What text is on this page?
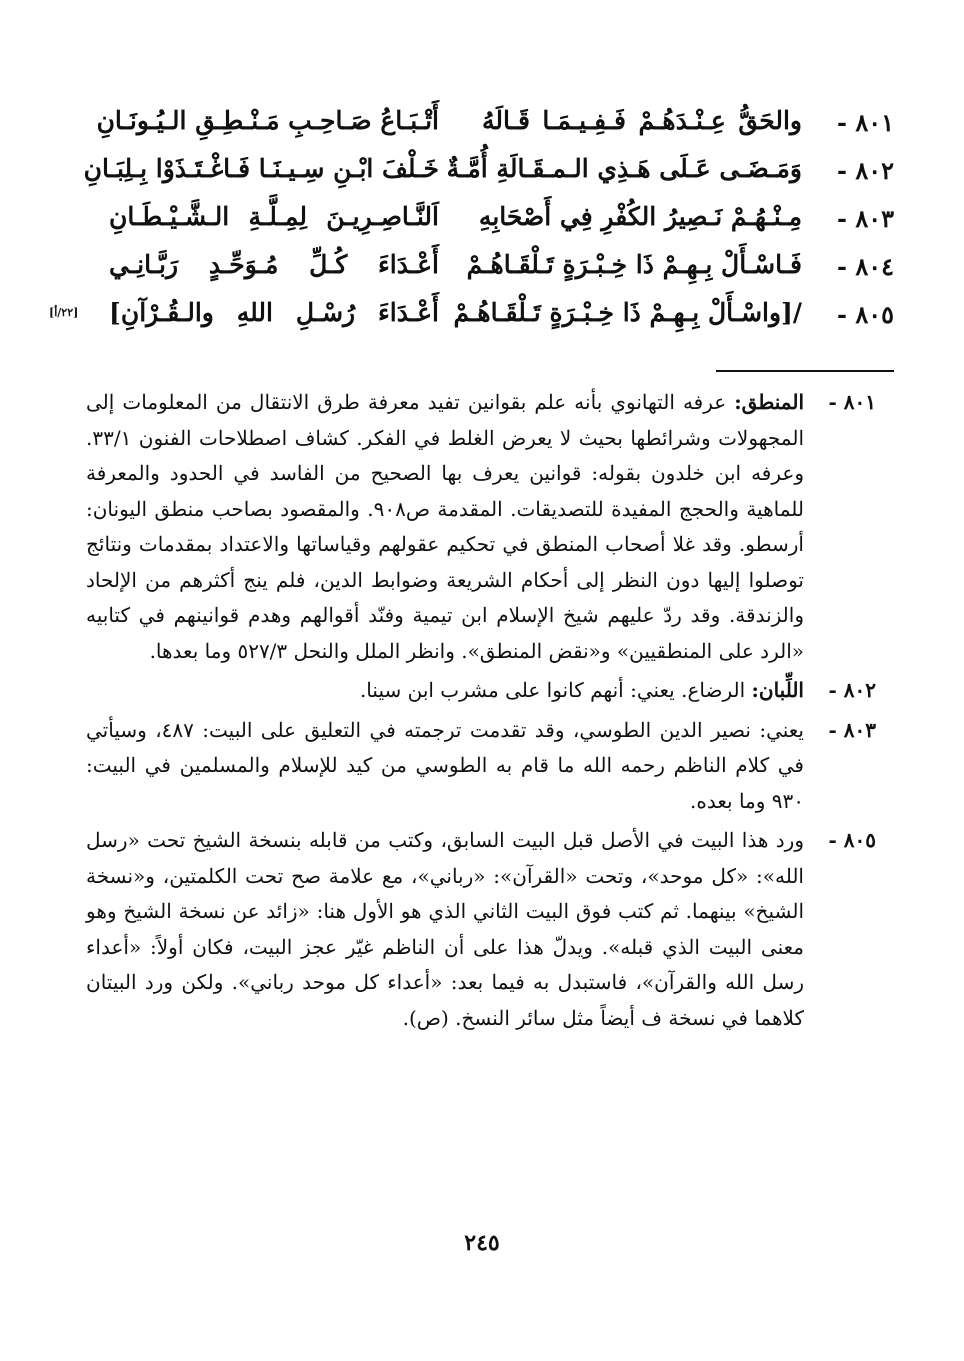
٨٠١ -
والحَقُّ عِـنْـدَهُـمْ فَـفِـيـمَـا قَـالَهُ
أَتْـبَـاعُ صَـاحِـبِ مَـنْـطِـقِ الـيُـونَـانِ
٨٠٢ -
وَمَـضَـى عَـلَى هَـذِي الـمـقَـالَةِ أُمَّـةٌ
خَـلْفَ ابْـنِ سِـيـنَـا فَـاغْـتَـذَوْا بِـلِبَـانِ
٨٠٣ -
مِـنْـهُـمْ نَـصِيرُ الكُفْرِ فِي أَصْحَابِهِ
اَلنَّـاصِـرِيـنَ لِمِـلَّـةِ الـشَّـيْـطَـانِ
٨٠٤ -
فَـاسْـأَلْ بِـهِـمْ ذَا خِـبْـرَةٍ تَـلْقَـاهُـمْ
أَعْـدَاءَ كُـلِّ مُـوَحِّـدٍ رَبَّـانِـي
٨٠٥ -
/[واسْـأَلْ بِـهِـمْ ذَا خِـبْـرَةٍ تَـلْقَـاهُـمْ
أَعْـدَاءَ رُسْـلِ اللهِ والـقُـرْآنِ]
[٢٢/أ]
٨٠١ -
المنطق: عرفه التهانوي بأنه علم بقوانين تفيد معرفة طرق الانتقال من المعلومات إلى المجهولات وشرائطها بحيث لا يعرض الغلط في الفكر. كشاف اصطلاحات الفنون ٣٣/١. وعرفه ابن خلدون بقوله: قوانين يعرف بها الصحيح من الفاسد في الحدود والمعرفة للماهية والحجج المفيدة للتصديقات. المقدمة ص٩٠٨. والمقصود بصاحب منطق اليونان: أرسطو. وقد غلا أصحاب المنطق في تحكيم عقولهم وقياساتها والاعتداد بمقدمات ونتائج توصلوا إليها دون النظر إلى أحكام الشريعة وضوابط الدين، فلم ينج أكثرهم من الإلحاد والزندقة. وقد ردّ عليهم شيخ الإسلام ابن تيمية وفنّد أقوالهم وهدم قوانينهم في كتابيه «الرد على المنطقيين» و«نقض المنطق». وانظر الملل والنحل ٥٢٧/٣ وما بعدها.
٨٠٢ -
اللِّبان: الرضاع. يعني: أنهم كانوا على مشرب ابن سينا.
٨٠٣ -
يعني: نصير الدين الطوسي، وقد تقدمت ترجمته في التعليق على البيت: ٤٨٧، وسيأتي في كلام الناظم رحمه الله ما قام به الطوسي من كيد للإسلام والمسلمين في البيت: ٩٣٠ وما بعده.
٨٠٥ -
ورد هذا البيت في الأصل قبل البيت السابق، وكتب من قابله بنسخة الشيخ تحت «رسل الله»: «كل موحد»، وتحت «القرآن»: «رباني»، مع علامة صح تحت الكلمتين، و«نسخة الشيخ» بينهما. ثم كتب فوق البيت الثاني الذي هو الأول هنا: «زائد عن نسخة الشيخ وهو معنى البيت الذي قبله». ويدلّ هذا على أن الناظم غيّر عجز البيت، فكان أولاً: «أعداء رسل الله والقرآن»، فاستبدل به فيما بعد: «أعداء كل موحد رباني». ولكن ورد البيتان كلاهما في نسخة ف أيضاً مثل سائر النسخ. (ص).
٢٤٥
